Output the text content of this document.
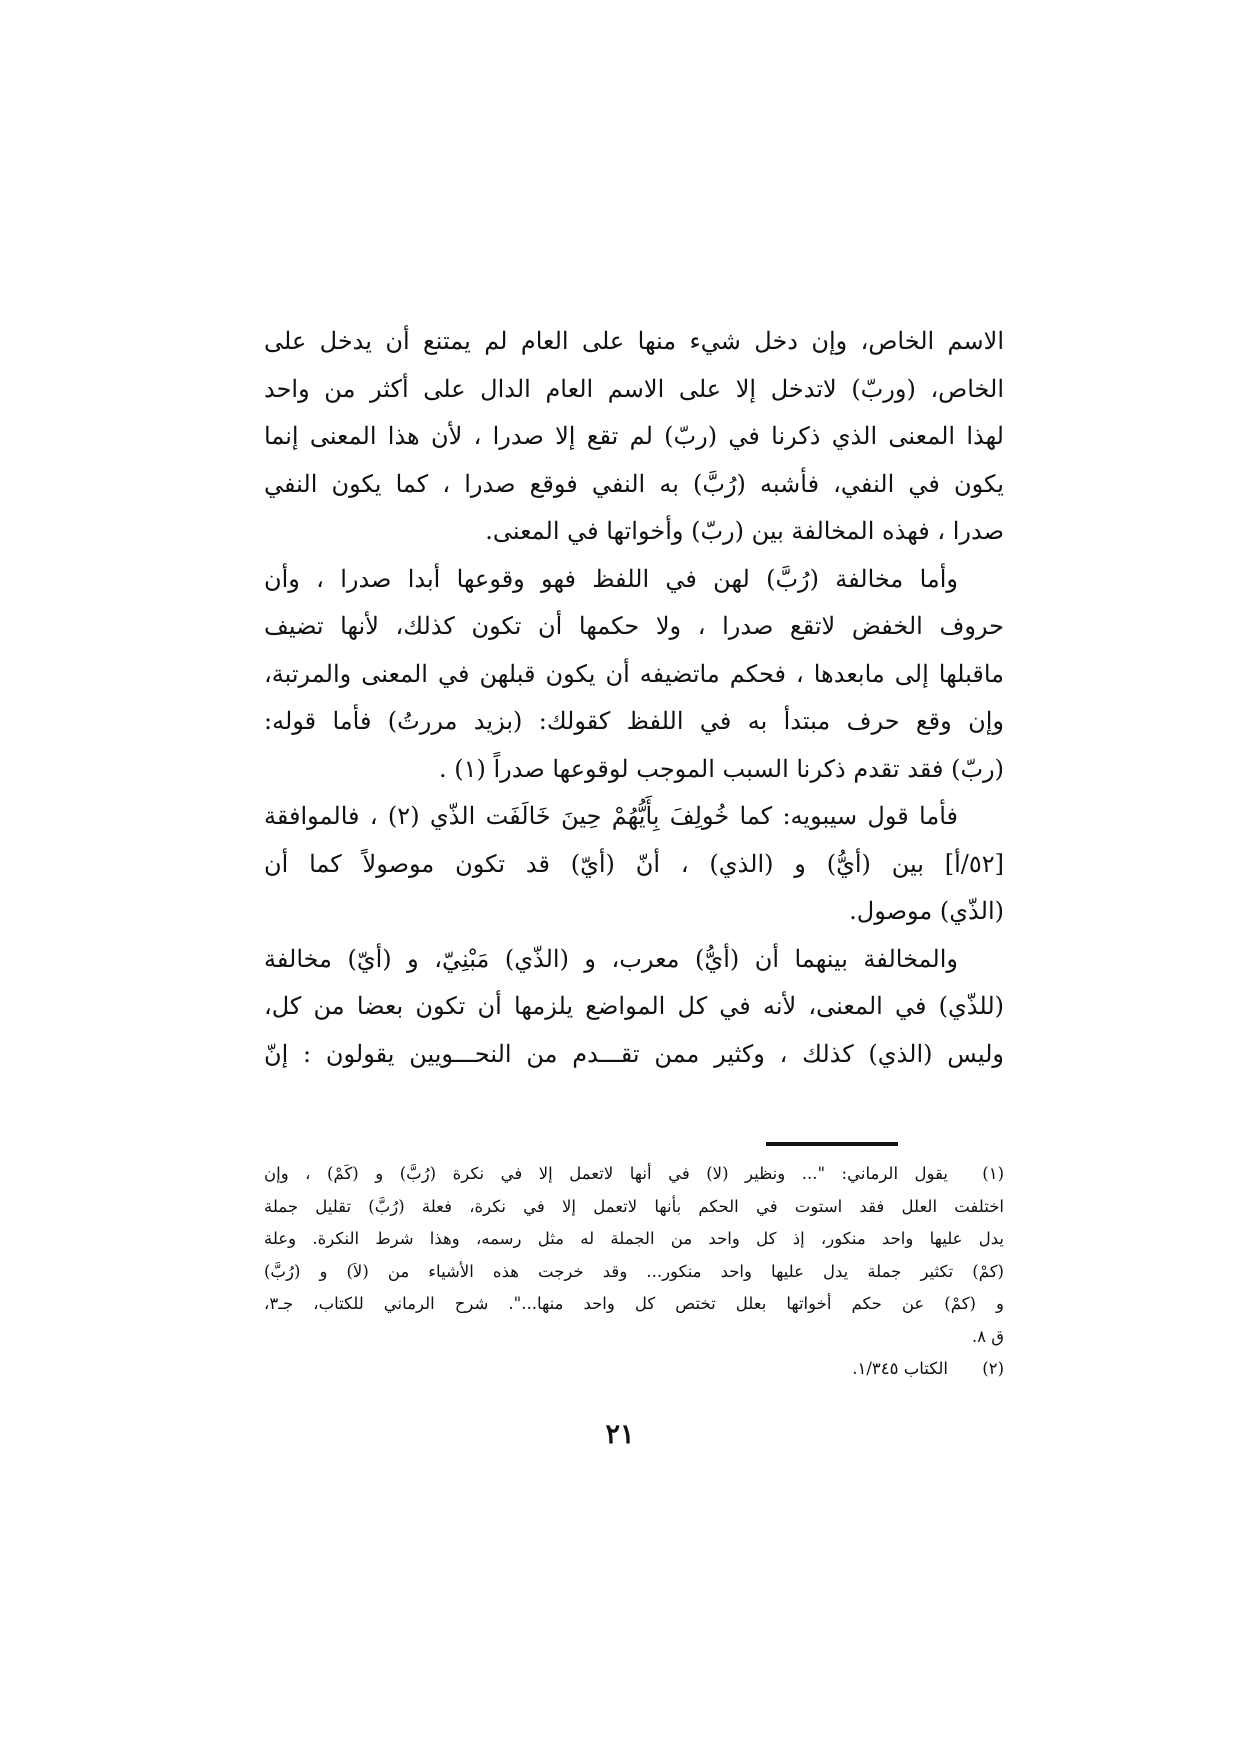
الاسم الخاص، وإن دخل شيء منها على العام لم يمتنع أن يدخل على
الخاص، (وربّ) لاتدخل إلا على الاسم العام الدال على أكثر من واحد
لهذا المعنى الذي ذكرنا في (ربّ) لم تقع إلا صدرا ، لأن هذا المعنى إنما
يكون في النفي، فأشبه (رُبَّ) به النفي فوقع صدرا ، كما يكون النفي
صدرا ، فهذه المخالفة بين (ربّ) وأخواتها في المعنى.
وأما مخالفة (رُبَّ) لهن في اللفظ فهو وقوعها أبدا صدرا ، وأن
حروف الخفض لاتقع صدرا ، ولا حكمها أن تكون كذلك، لأنها تضيف
ماقبلها إلى مابعدها ، فحكم ماتضيفه أن يكون قبلهن في المعنى والمرتبة،
وإن وقع حرف مبتدأ به في اللفظ كقولك: (بزيد مررتُ) فأما قوله:
(ربّ) فقد تقدم ذكرنا السبب الموجب لوقوعها صدراً (١) .
فأما قول سيبويه: كما خُولِفَ بِأَيُّهُمْ حِينَ خَالَفَت الذّي (٢) ، فالموافقة
[٥٢/أ] بين (أيُّ) و (الذي) ، أنّ (أيّ) قد تكون موصولاً كما أن
(الذّي) موصول.
والمخالفة بينهما أن (أيُّ) معرب، و (الذّي) مَبْنِيّ، و (أيّ) مخالفة
(للذّي) في المعنى، لأنه في كل المواضع يلزمها أن تكون بعضا من كل،
وليس (الذي) كذلك ، وكثير ممن تقـــدم من النحـــويين يقولون : إنّ
(١)
يقول الرماني: "... ونظير (لا) في أنها لاتعمل إلا في نكرة (رُبَّ) و (كَمْ) ، وإن
اختلفت العلل فقد استوت في الحكم بأنها لاتعمل إلا في نكرة، فعلة (رُبَّ) تقليل جملة
يدل عليها واحد منكور، إذ كل واحد من الجملة له مثل رسمه، وهذا شرط النكرة. وعلة
(كمْ) تكثير جملة يدل عليها واحد منكور... وقد خرجت هذه الأشياء من (لاَ) و (رُبَّ)
و (كمْ) عن حكم أخواتها بعلل تختص كل واحد منها...". شرح الرماني للكتاب، جـ٣،
ق ٨.
(٢)
الكتاب ١/٣٤٥.
٢١
